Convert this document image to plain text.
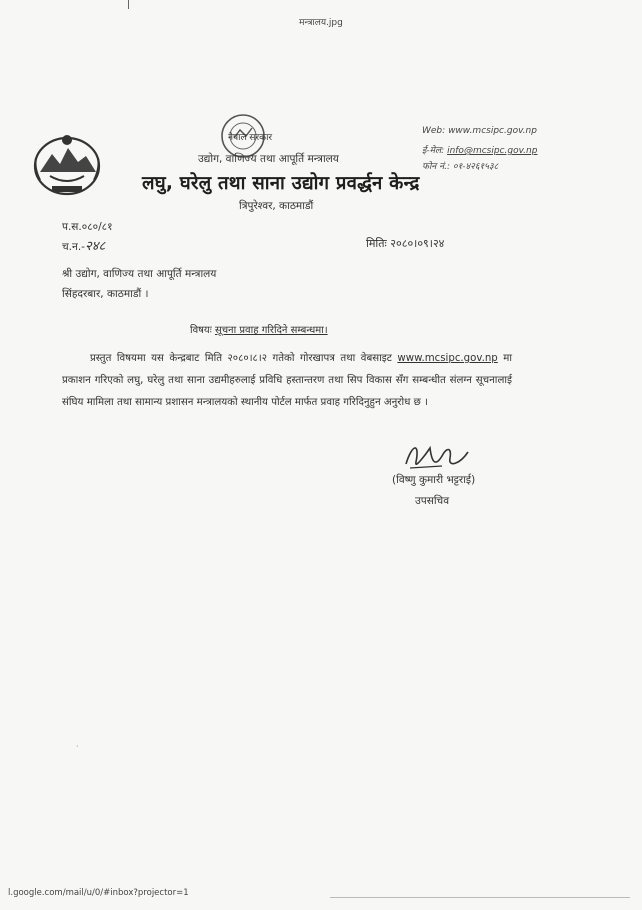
मन्त्रालय.jpg
नेपाल सरकार
उद्योग, वाणिज्य तथा आपूर्ति मन्त्रालय
लघु, घरेलु तथा साना उद्योग प्रवर्द्धन केन्द्र
त्रिपुरेश्वर, काठमाडौं
Web: www.mcsipc.gov.np
ई-मेल: info@mcsipc.gov.np
फोन नं.: ०१-४२६१५३८
प.स.०८०/८१
च.न.-२४८	मितिः २०८०।०९।२४
श्री उद्योग, वाणिज्य तथा आपूर्ति मन्त्रालय
सिंहदरबार, काठमाडौं ।
विषयः सूचना प्रवाह गरिदिने सम्बन्धमा।
प्रस्तुत विषयमा यस केन्द्रबाट मिति २०८०।८।२ गतेको गोरखापत्र तथा वेबसाइट www.mcsipc.gov.np मा प्रकाशन गरिएको लघु, घरेलु तथा साना उद्यमीहरुलाई प्रविधि हस्तान्तरण तथा सिप विकास सँग सम्बन्धीत संलग्न सूचनालाई संघिय मामिला तथा सामान्य प्रशासन मन्त्रालयको स्थानीय पोर्टल मार्फत प्रवाह गरिदिनुहुन अनुरोध छ ।
(विष्णु कुमारी भट्टराई)
उपसचिव
·
l.google.com/mail/u/0/#inbox?projector=1
